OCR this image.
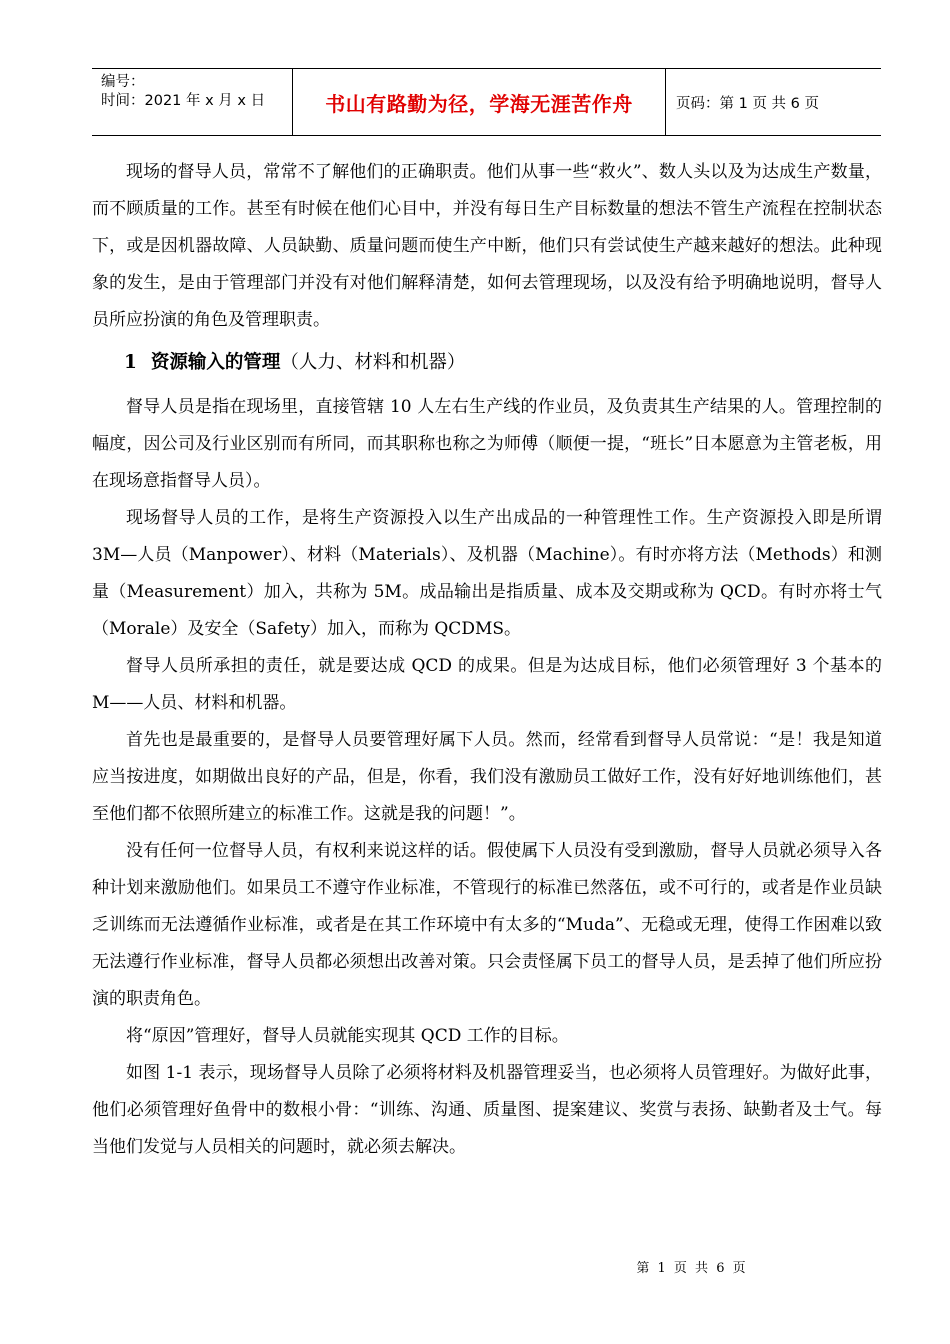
编号：
时间：2021 年 x 月 x 日	书山有路勤为径，学海无涯苦作舟	页码：第 1 页 共 6 页

现场的督导人员，常常不了解他们的正确职责。他们从事一些“救火”、数人头以及为达成生产数量，而不顾质量的工作。甚至有时候在他们心目中，并没有每日生产目标数量的想法不管生产流程在控制状态下，或是因机器故障、人员缺勤、质量问题而使生产中断，他们只有尝试使生产越来越好的想法。此种现象的发生，是由于管理部门并没有对他们解释清楚，如何去管理现场，以及没有给予明确地说明，督导人员所应扮演的角色及管理职责。

1 资源输入的管理（人力、材料和机器）

督导人员是指在现场里，直接管辖 10 人左右生产线的作业员，及负责其生产结果的人。管理控制的幅度，因公司及行业区别而有所同，而其职称也称之为师傅（顺便一提，“班长”日本愿意为主管老板，用在现场意指督导人员）。

现场督导人员的工作，是将生产资源投入以生产出成品的一种管理性工作。生产资源投入即是所谓 3M—人员（Manpower）、材料（Materials）、及机器（Machine）。有时亦将方法（Methods）和测量（Measurement）加入，共称为 5M。成品输出是指质量、成本及交期或称为 QCD。有时亦将士气（Morale）及安全（Safety）加入，而称为 QCDMS。

督导人员所承担的责任，就是要达成 QCD 的成果。但是为达成目标，他们必须管理好 3 个基本的 M——人员、材料和机器。

首先也是最重要的，是督导人员要管理好属下人员。然而，经常看到督导人员常说：“是！我是知道应当按进度，如期做出良好的产品，但是，你看，我们没有激励员工做好工作，没有好好地训练他们，甚至他们都不依照所建立的标准工作。这就是我的问题！”。

没有任何一位督导人员，有权利来说这样的话。假使属下人员没有受到激励，督导人员就必须导入各种计划来激励他们。如果员工不遵守作业标准，不管现行的标准已然落伍，或不可行的，或者是作业员缺乏训练而无法遵循作业标准，或者是在其工作环境中有太多的“Muda”、无稳或无理，使得工作困难以致无法遵行作业标准，督导人员都必须想出改善对策。只会责怪属下员工的督导人员，是丢掉了他们所应扮演的职责角色。

将“原因”管理好，督导人员就能实现其 QCD 工作的目标。

如图 1-1 表示，现场督导人员除了必须将材料及机器管理妥当，也必须将人员管理好。为做好此事，他们必须管理好鱼骨中的数根小骨：“训练、沟通、质量图、提案建议、奖赏与表扬、缺勤者及士气。每当他们发觉与人员相关的问题时，就必须去解决。

第 1 页 共 6 页
